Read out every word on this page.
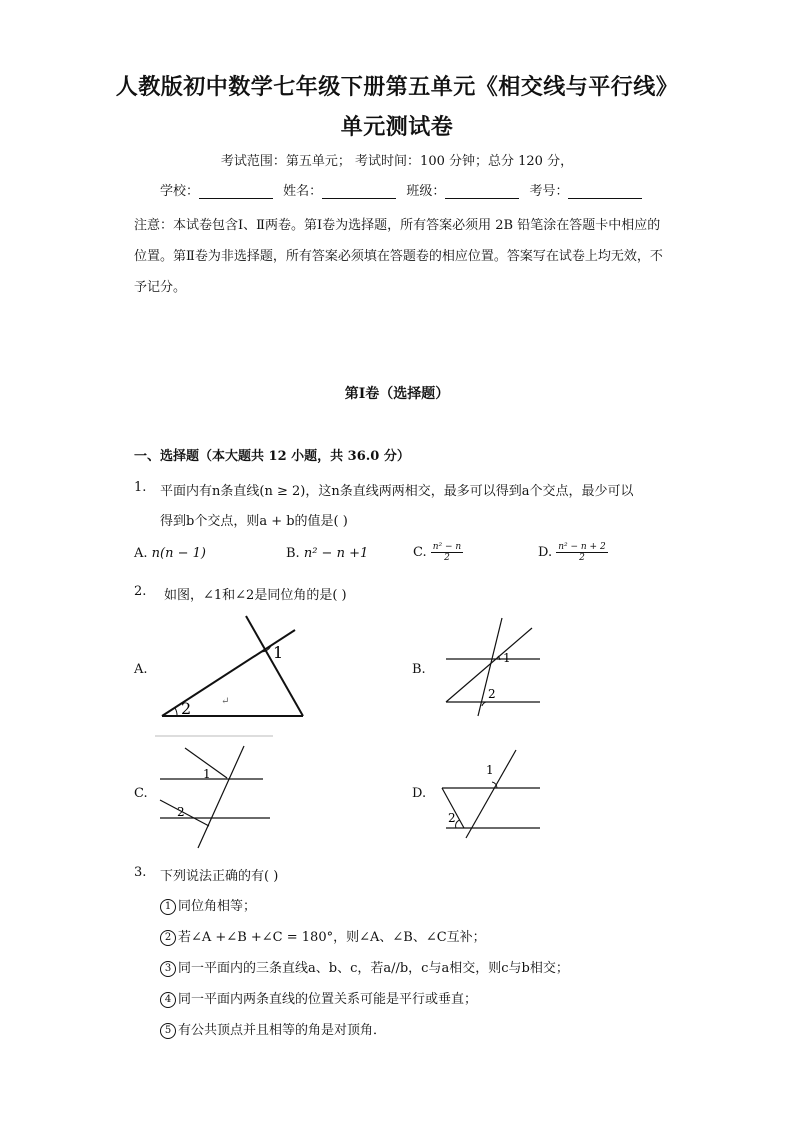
人教版初中数学七年级下册第五单元《相交线与平行线》
单元测试卷
考试范围：第五单元； 考试时间：100 分钟；总分 120 分，
学校：	姓名：	班级：	考号：
注意：本试卷包含Ⅰ、Ⅱ两卷。第Ⅰ卷为选择题，所有答案必须用 2B 铅笔涂在答题卡中相应的位置。第Ⅱ卷为非选择题，所有答案必须填在答题卷的相应位置。答案写在试卷上均无效，不予记分。
第Ⅰ卷（选择题）
一、选择题（本大题共 12 小题，共 36.0 分）
1. 平面内有n条直线(n ≥ 2)，这n条直线两两相交，最多可以得到a个交点，最少可以
得到b个交点，则a + b的值是( )
A. n(n − 1)	B. n² − n +1	C. $\frac{\text{n² − n}}{2}$	D. $\frac{\text{n² − n + 2}}{2}$
2. 如图，∠1和∠2是同位角的是( )
A.
1
2	↵
B.
1
2
C.
1
2
D.
1
2
3. 下列说法正确的有( )
1 同位角相等；
2 若∠A +∠B +∠C = 180°，则∠A、∠B、∠C互补；
3 同一平面内的三条直线a、b、c，若a//b，c与a相交，则c与b相交；
4 同一平面内两条直线的位置关系可能是平行或垂直；
5 有公共顶点并且相等的角是对顶角．
